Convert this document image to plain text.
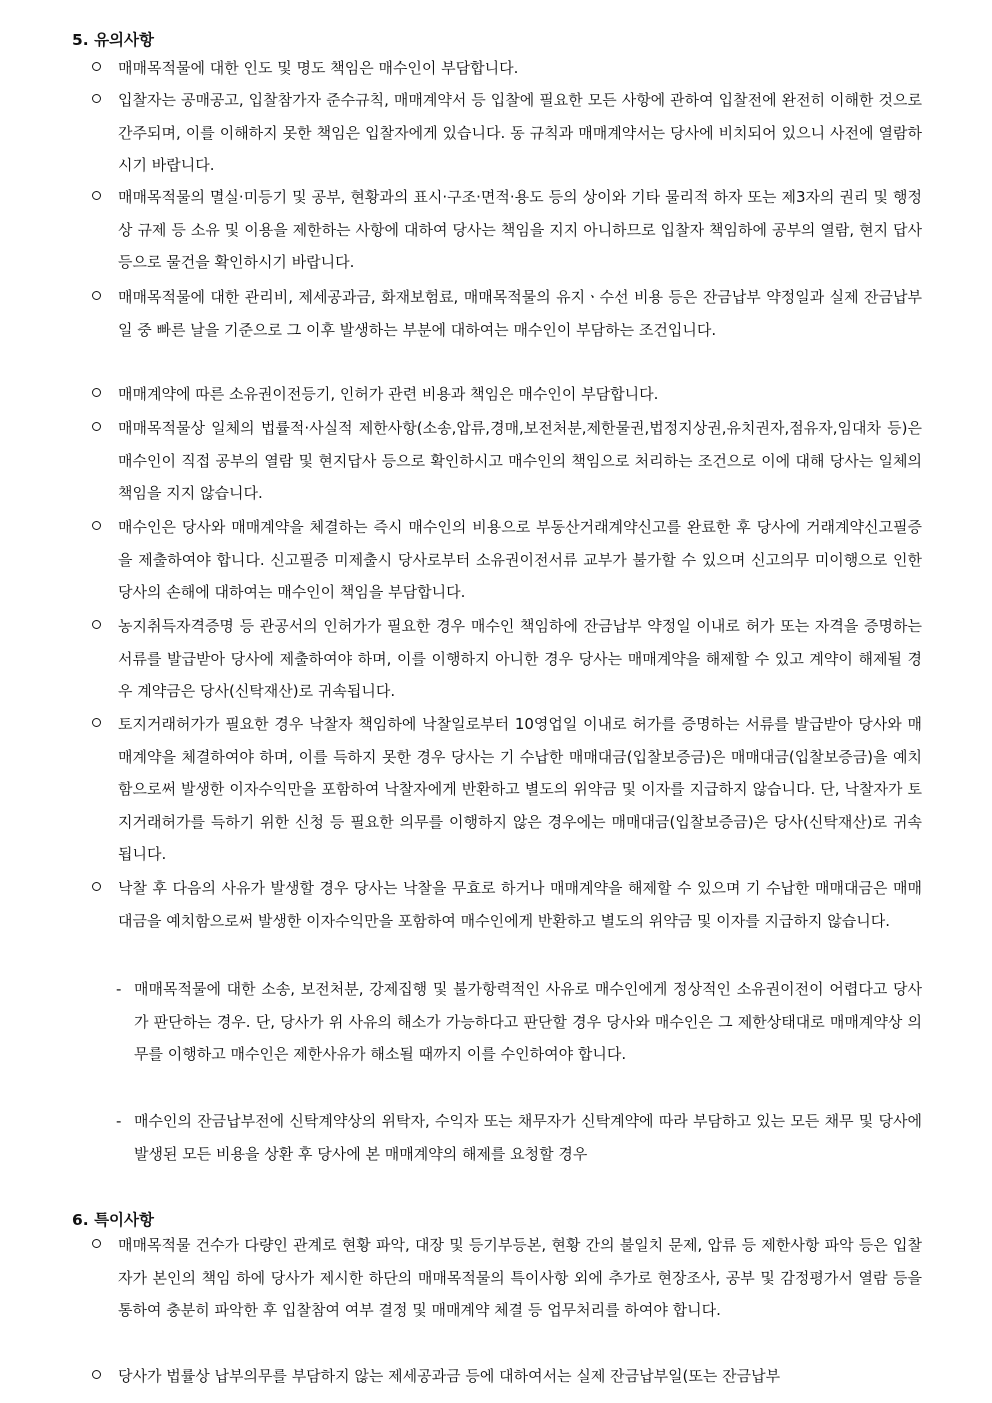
5. 유의사항

매매목적물에 대한 인도 및 명도 책임은 매수인이 부담합니다.

입찰자는 공매공고, 입찰참가자 준수규칙, 매매계약서 등 입찰에 필요한 모든 사항에 관하여 입찰전에 완전히 이해한 것으로 간주되며, 이를 이해하지 못한 책임은 입찰자에게 있습니다. 동 규칙과 매매계약서는 당사에 비치되어 있으니 사전에 열람하시기 바랍니다.

매매목적물의 멸실·미등기 및 공부, 현황과의 표시·구조·면적·용도 등의 상이와 기타 물리적 하자 또는 제3자의 권리 및 행정상 규제 등 소유 및 이용을 제한하는 사항에 대하여 당사는 책임을 지지 아니하므로 입찰자 책임하에 공부의 열람, 현지 답사 등으로 물건을 확인하시기 바랍니다.

매매목적물에 대한 관리비, 제세공과금, 화재보험료, 매매목적물의 유지ㆍ수선 비용 등은 잔금납부 약정일과 실제 잔금납부일 중 빠른 날을 기준으로 그 이후 발생하는 부분에 대하여는 매수인이 부담하는 조건입니다.

매매계약에 따른 소유권이전등기, 인허가 관련 비용과 책임은 매수인이 부담합니다.

매매목적물상 일체의 법률적·사실적 제한사항(소송,압류,경매,보전처분,제한물권,법정지상권,유치권자,점유자,임대차 등)은 매수인이 직접 공부의 열람 및 현지답사 등으로 확인하시고 매수인의 책임으로 처리하는 조건으로 이에 대해 당사는 일체의 책임을 지지 않습니다.

매수인은 당사와 매매계약을 체결하는 즉시 매수인의 비용으로 부동산거래계약신고를 완료한 후 당사에 거래계약신고필증을 제출하여야 합니다. 신고필증 미제출시 당사로부터 소유권이전서류 교부가 불가할 수 있으며 신고의무 미이행으로 인한 당사의 손해에 대하여는 매수인이 책임을 부담합니다.

농지취득자격증명 등 관공서의 인허가가 필요한 경우 매수인 책임하에 잔금납부 약정일 이내로 허가 또는 자격을 증명하는 서류를 발급받아 당사에 제출하여야 하며, 이를 이행하지 아니한 경우 당사는 매매계약을 해제할 수 있고 계약이 해제될 경우 계약금은 당사(신탁재산)로 귀속됩니다.

토지거래허가가 필요한 경우 낙찰자 책임하에 낙찰일로부터 10영업일 이내로 허가를 증명하는 서류를 발급받아 당사와 매매계약을 체결하여야 하며, 이를 득하지 못한 경우 당사는 기 수납한 매매대금(입찰보증금)은 매매대금(입찰보증금)을 예치함으로써 발생한 이자수익만을 포함하여 낙찰자에게 반환하고 별도의 위약금 및 이자를 지급하지 않습니다. 단, 낙찰자가 토지거래허가를 득하기 위한 신청 등 필요한 의무를 이행하지 않은 경우에는 매매대금(입찰보증금)은 당사(신탁재산)로 귀속됩니다.

낙찰 후 다음의 사유가 발생할 경우 당사는 낙찰을 무효로 하거나 매매계약을 해제할 수 있으며 기 수납한 매매대금은 매매대금을 예치함으로써 발생한 이자수익만을 포함하여 매수인에게 반환하고 별도의 위약금 및 이자를 지급하지 않습니다.

- 매매목적물에 대한 소송, 보전처분, 강제집행 및 불가항력적인 사유로 매수인에게 정상적인 소유권이전이 어렵다고 당사가 판단하는 경우. 단, 당사가 위 사유의 해소가 가능하다고 판단할 경우 당사와 매수인은 그 제한상태대로 매매계약상 의무를 이행하고 매수인은 제한사유가 해소될 때까지 이를 수인하여야 합니다.

- 매수인의 잔금납부전에 신탁계약상의 위탁자, 수익자 또는 채무자가 신탁계약에 따라 부담하고 있는 모든 채무 및 당사에 발생된 모든 비용을 상환 후 당사에 본 매매계약의 해제를 요청할 경우

6. 특이사항

매매목적물 건수가 다량인 관계로 현황 파악, 대장 및 등기부등본, 현황 간의 불일치 문제, 압류 등 제한사항 파악 등은 입찰자가 본인의 책임 하에 당사가 제시한 하단의 매매목적물의 특이사항 외에 추가로 현장조사, 공부 및 감정평가서 열람 등을 통하여 충분히 파악한 후 입찰참여 여부 결정 및 매매계약 체결 등 업무처리를 하여야 합니다.

당사가 법률상 납부의무를 부담하지 않는 제세공과금 등에 대하여서는 실제 잔금납부일(또는 잔금납부
